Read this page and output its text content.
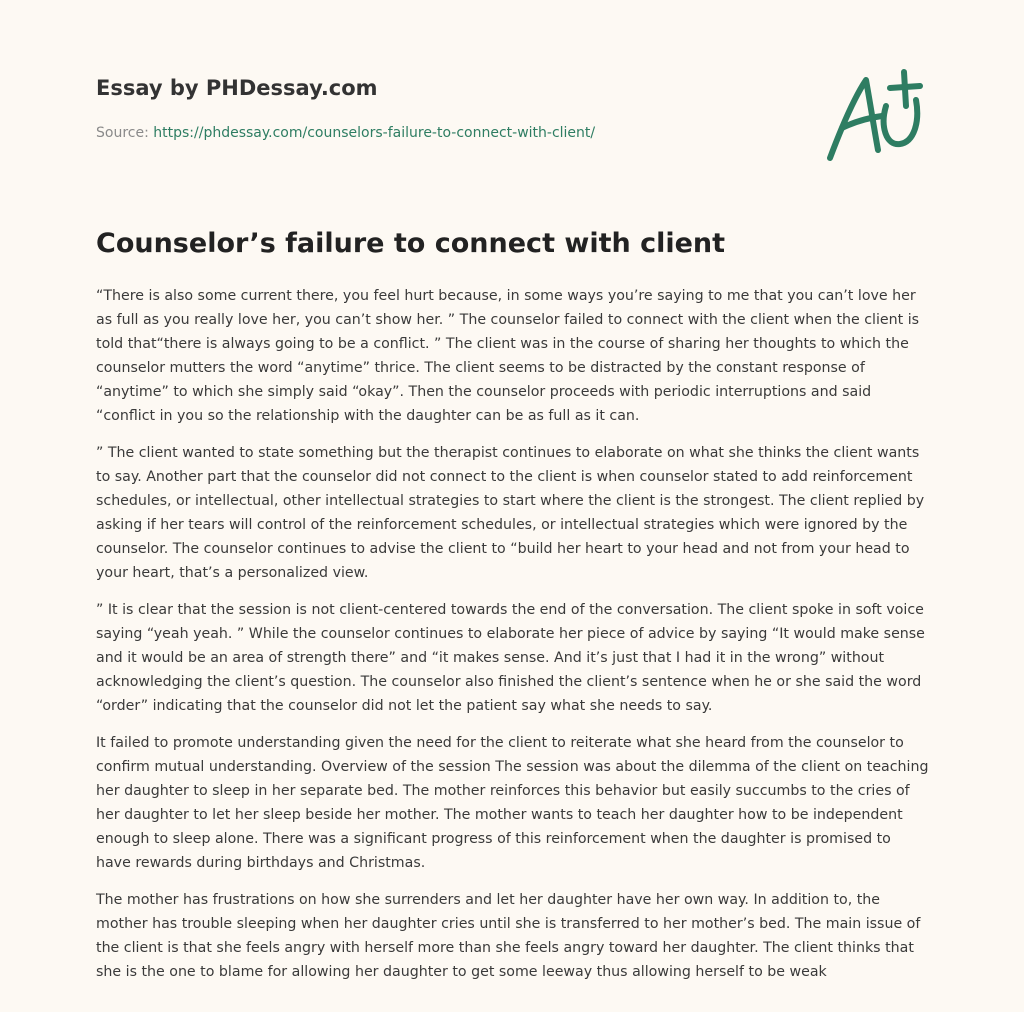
Essay by PHDessay.com
Source: https://phdessay.com/counselors-failure-to-connect-with-client/
Counselor’s failure to connect with client

“There is also some current there, you feel hurt because, in some ways you’re saying to me that you can’t love her as full as you really love her, you can’t show her. ” The counselor failed to connect with the client when the client is told that“there is always going to be a conflict. ” The client was in the course of sharing her thoughts to which the counselor mutters the word “anytime” thrice. The client seems to be distracted by the constant response of “anytime” to which she simply said “okay”. Then the counselor proceeds with periodic interruptions and said “conflict in you so the relationship with the daughter can be as full as it can.

” The client wanted to state something but the therapist continues to elaborate on what she thinks the client wants to say. Another part that the counselor did not connect to the client is when counselor stated to add reinforcement schedules, or intellectual, other intellectual strategies to start where the client is the strongest. The client replied by asking if her tears will control of the reinforcement schedules, or intellectual strategies which were ignored by the counselor. The counselor continues to advise the client to “build her heart to your head and not from your head to your heart, that’s a personalized view.

” It is clear that the session is not client-centered towards the end of the conversation. The client spoke in soft voice saying “yeah yeah. ” While the counselor continues to elaborate her piece of advice by saying “It would make sense and it would be an area of strength there” and “it makes sense. And it’s just that I had it in the wrong” without acknowledging the client’s question. The counselor also finished the client’s sentence when he or she said the word “order” indicating that the counselor did not let the patient say what she needs to say.

It failed to promote understanding given the need for the client to reiterate what she heard from the counselor to confirm mutual understanding. Overview of the session The session was about the dilemma of the client on teaching her daughter to sleep in her separate bed. The mother reinforces this behavior but easily succumbs to the cries of her daughter to let her sleep beside her mother. The mother wants to teach her daughter how to be independent enough to sleep alone. There was a significant progress of this reinforcement when the daughter is promised to have rewards during birthdays and Christmas.

The mother has frustrations on how she surrenders and let her daughter have her own way. In addition to, the mother has trouble sleeping when her daughter cries until she is transferred to her mother’s bed. The main issue of the client is that she feels angry with herself more than she feels angry toward her daughter. The client thinks that she is the one to blame for allowing her daughter to get some leeway thus allowing herself to be weak
